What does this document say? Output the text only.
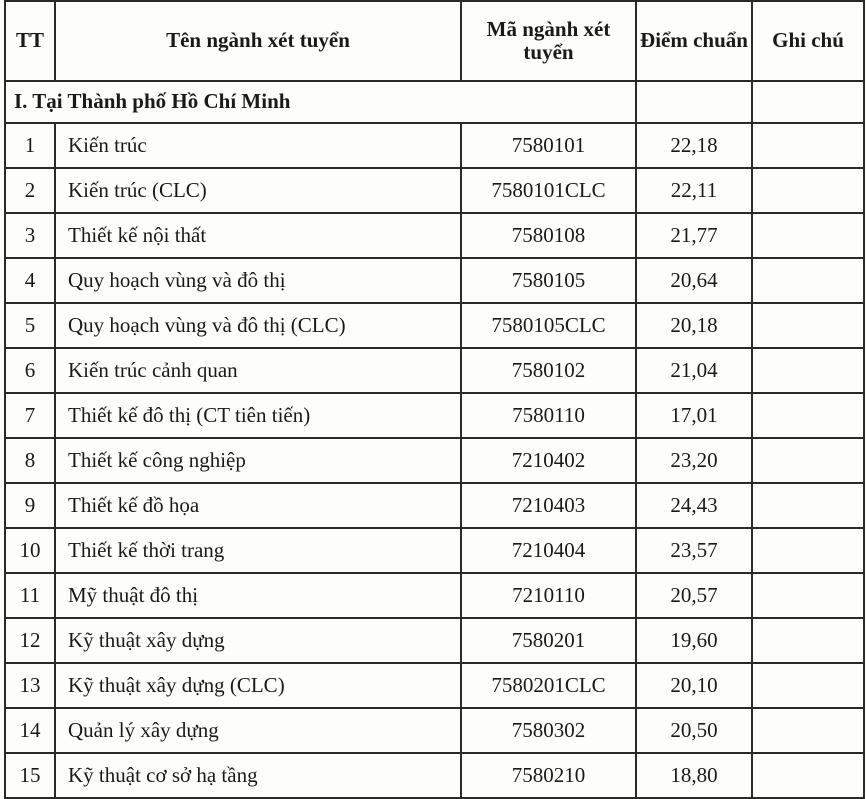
TT	Tên ngành xét tuyển	Mã ngành xét tuyển	Điểm chuẩn	Ghi chú
I. Tại Thành phố Hồ Chí Minh				
1	Kiến trúc	7580101	22,18	
2	Kiến trúc (CLC)	7580101CLC	22,11	
3	Thiết kế nội thất	7580108	21,77	
4	Quy hoạch vùng và đô thị	7580105	20,64	
5	Quy hoạch vùng và đô thị (CLC)	7580105CLC	20,18	
6	Kiến trúc cảnh quan	7580102	21,04	
7	Thiết kế đô thị (CT tiên tiến)	7580110	17,01	
8	Thiết kế công nghiệp	7210402	23,20	
9	Thiết kế đồ họa	7210403	24,43	
10	Thiết kế thời trang	7210404	23,57	
11	Mỹ thuật đô thị	7210110	20,57	
12	Kỹ thuật xây dựng	7580201	19,60	
13	Kỹ thuật xây dựng (CLC)	7580201CLC	20,10	
14	Quản lý xây dựng	7580302	20,50	
15	Kỹ thuật cơ sở hạ tầng	7580210	18,80	
